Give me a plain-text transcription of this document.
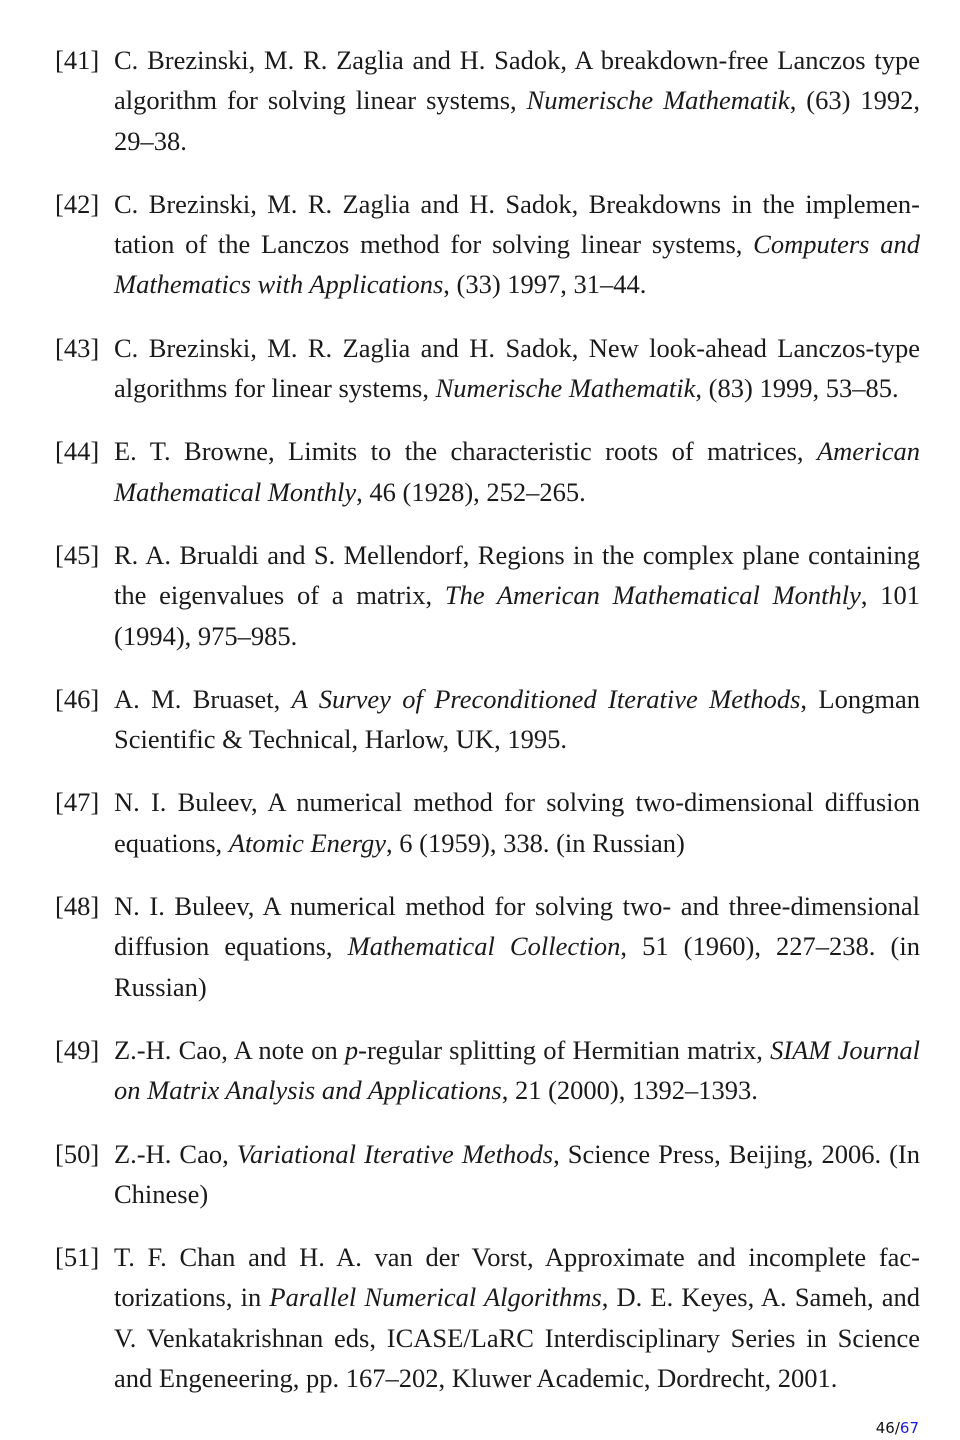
[41] C. Brezinski, M. R. Zaglia and H. Sadok, A breakdown-free Lanczos type algorithm for solving linear systems, Numerische Mathematik, (63) 1992, 29–38.
[42] C. Brezinski, M. R. Zaglia and H. Sadok, Breakdowns in the implementation of the Lanczos method for solving linear systems, Computers and Mathematics with Applications, (33) 1997, 31–44.
[43] C. Brezinski, M. R. Zaglia and H. Sadok, New look-ahead Lanczos-type algorithms for linear systems, Numerische Mathematik, (83) 1999, 53–85.
[44] E. T. Browne, Limits to the characteristic roots of matrices, American Mathematical Monthly, 46 (1928), 252–265.
[45] R. A. Brualdi and S. Mellendorf, Regions in the complex plane containing the eigenvalues of a matrix, The American Mathematical Monthly, 101 (1994), 975–985.
[46] A. M. Bruaset, A Survey of Preconditioned Iterative Methods, Longman Scientific & Technical, Harlow, UK, 1995.
[47] N. I. Buleev, A numerical method for solving two-dimensional diffusion equations, Atomic Energy, 6 (1959), 338. (in Russian)
[48] N. I. Buleev, A numerical method for solving two- and three-dimensional diffusion equations, Mathematical Collection, 51 (1960), 227–238. (in Russian)
[49] Z.-H. Cao, A note on p-regular splitting of Hermitian matrix, SIAM Journal on Matrix Analysis and Applications, 21 (2000), 1392–1393.
[50] Z.-H. Cao, Variational Iterative Methods, Science Press, Beijing, 2006. (In Chinese)
[51] T. F. Chan and H. A. van der Vorst, Approximate and incomplete factorizations, in Parallel Numerical Algorithms, D. E. Keyes, A. Sameh, and V. Venkatakrishnan eds, ICASE/LaRC Interdisciplinary Series in Science and Engeneering, pp. 167–202, Kluwer Academic, Dordrecht, 2001.
46/67
